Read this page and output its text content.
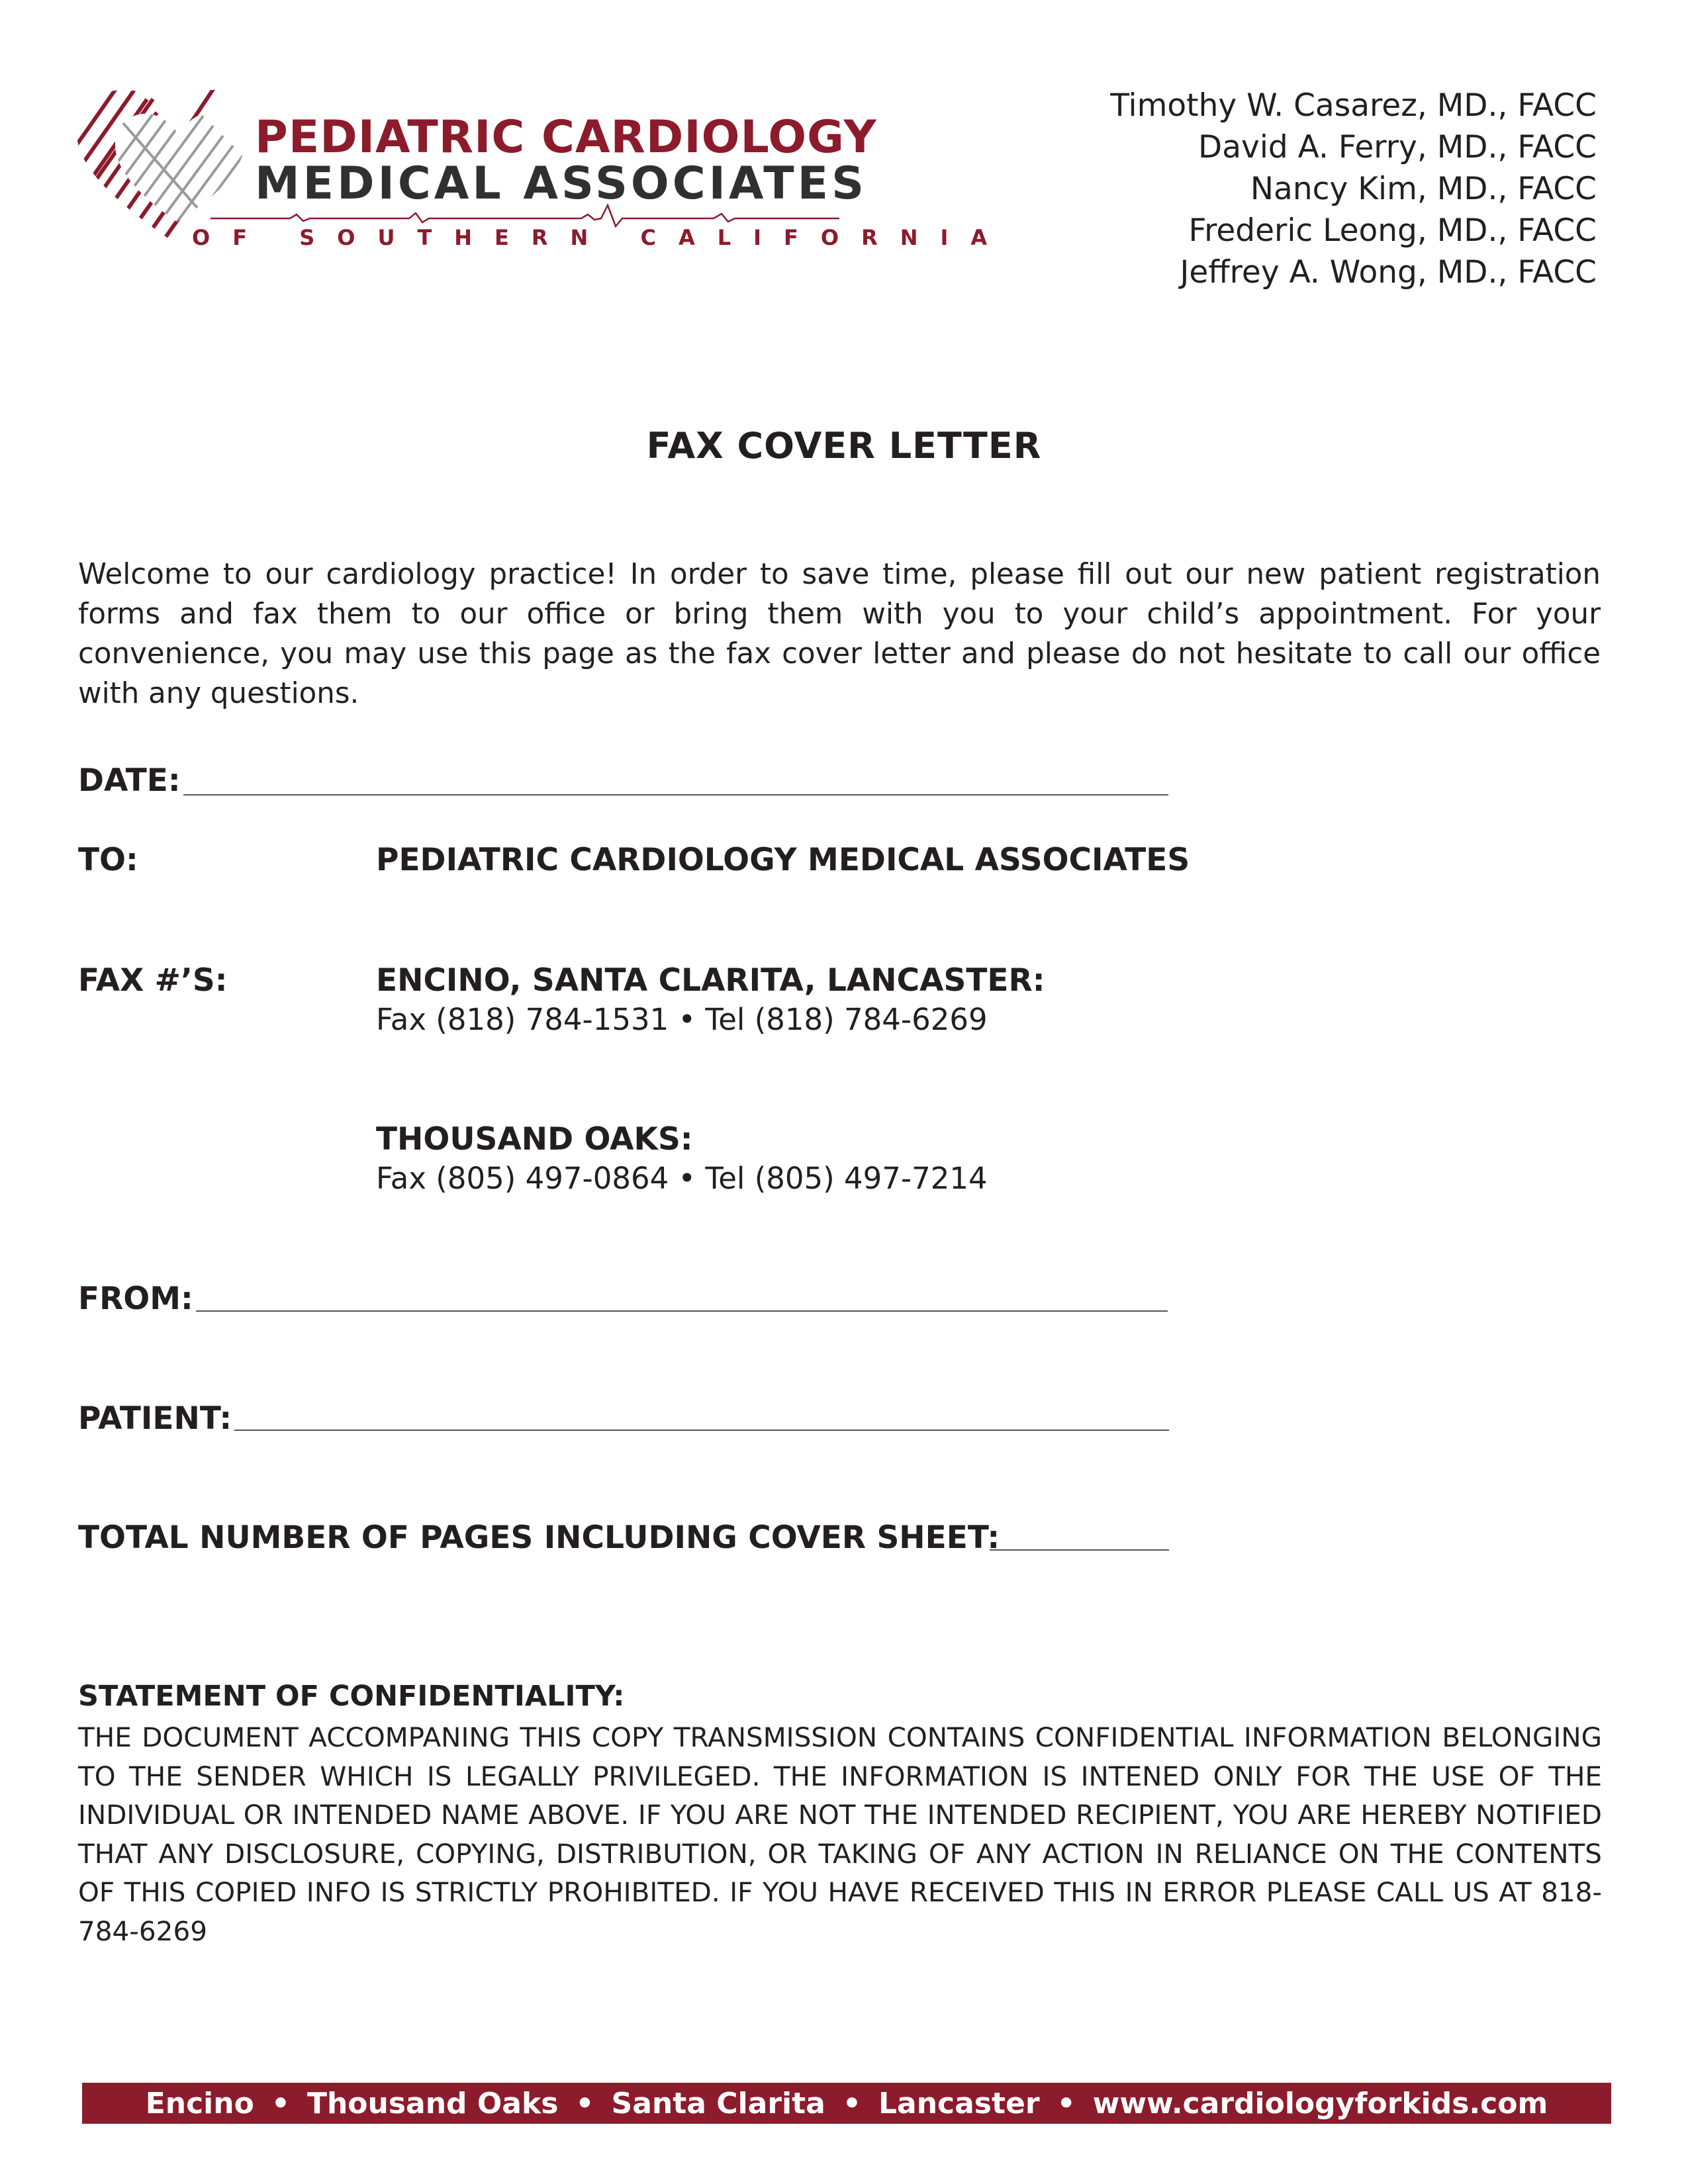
PEDIATRIC CARDIOLOGY
MEDICAL ASSOCIATES
OF SOUTHERN CALIFORNIA
Timothy W. Casarez, MD., FACC
David A. Ferry, MD., FACC
Nancy Kim, MD., FACC
Frederic Leong, MD., FACC
Jeffrey A. Wong, MD., FACC
FAX COVER LETTER
Welcome to our cardiology practice! In order to save time, please fill out our new patient registration forms and fax them to our office or bring them with you to your child’s appointment. For your convenience, you may use this page as the fax cover letter and please do not hesitate to call our office with any questions.
DATE:
TO:	PEDIATRIC CARDIOLOGY MEDICAL ASSOCIATES
FAX #’S:	ENCINO, SANTA CLARITA, LANCASTER:
Fax (818) 784-1531 • Tel (818) 784-6269
THOUSAND OAKS:
Fax (805) 497-0864 • Tel (805) 497-7214
FROM:
PATIENT:
TOTAL NUMBER OF PAGES INCLUDING COVER SHEET:
STATEMENT OF CONFIDENTIALITY:
THE DOCUMENT ACCOMPANING THIS COPY TRANSMISSION CONTAINS CONFIDENTIAL INFORMATION BELONGING TO THE SENDER WHICH IS LEGALLY PRIVILEGED. THE INFORMATION IS INTENED ONLY FOR THE USE OF THE INDIVIDUAL OR INTENDED NAME ABOVE. IF YOU ARE NOT THE INTENDED RECIPIENT, YOU ARE HEREBY NOTIFIED THAT ANY DISCLOSURE, COPYING, DISTRIBUTION, OR TAKING OF ANY ACTION IN RELIANCE ON THE CONTENTS OF THIS COPIED INFO IS STRICTLY PROHIBITED. IF YOU HAVE RECEIVED THIS IN ERROR PLEASE CALL US AT 818-784-6269
Encino • Thousand Oaks • Santa Clarita • Lancaster • www.cardiologyforkids.com
